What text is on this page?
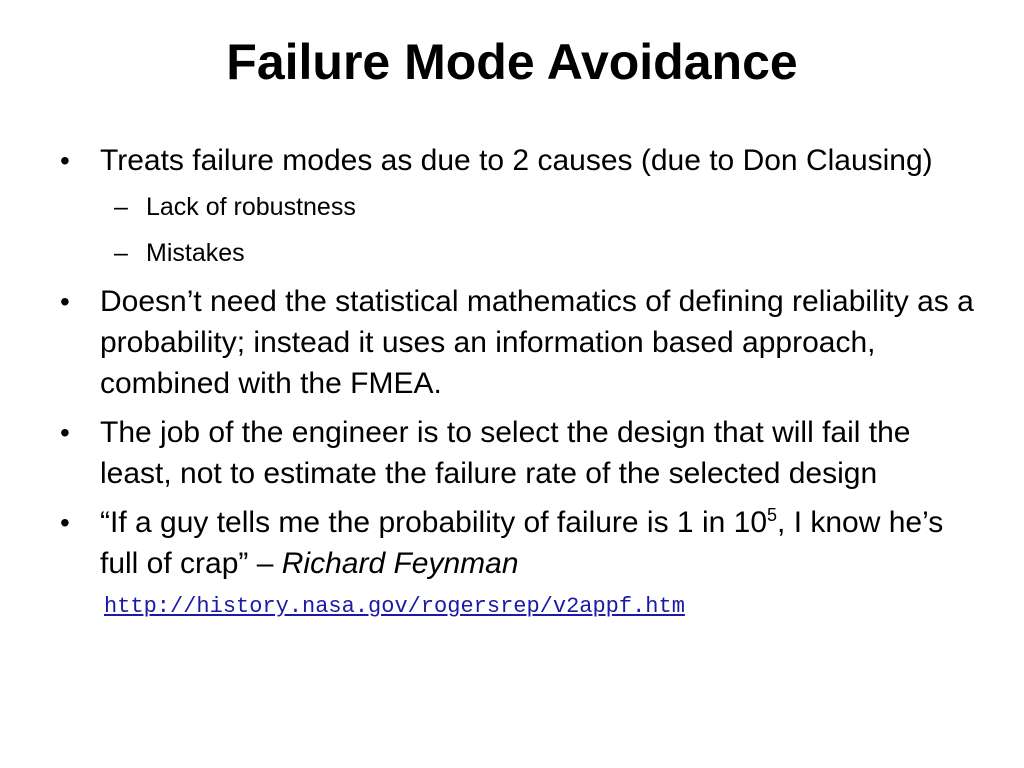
Failure Mode Avoidance
• Treats failure modes as due to 2 causes (due to Don Clausing)
– Lack of robustness
– Mistakes
• Doesn’t need the statistical mathematics of defining reliability as a probability; instead it uses an information based approach, combined with the FMEA.
• The job of the engineer is to select the design that will fail the least, not to estimate the failure rate of the selected design
• “If a guy tells me the probability of failure is 1 in $10^5$, I know he’s full of crap” – Richard Feynman
http://history.nasa.gov/rogersrep/v2appf.htm
